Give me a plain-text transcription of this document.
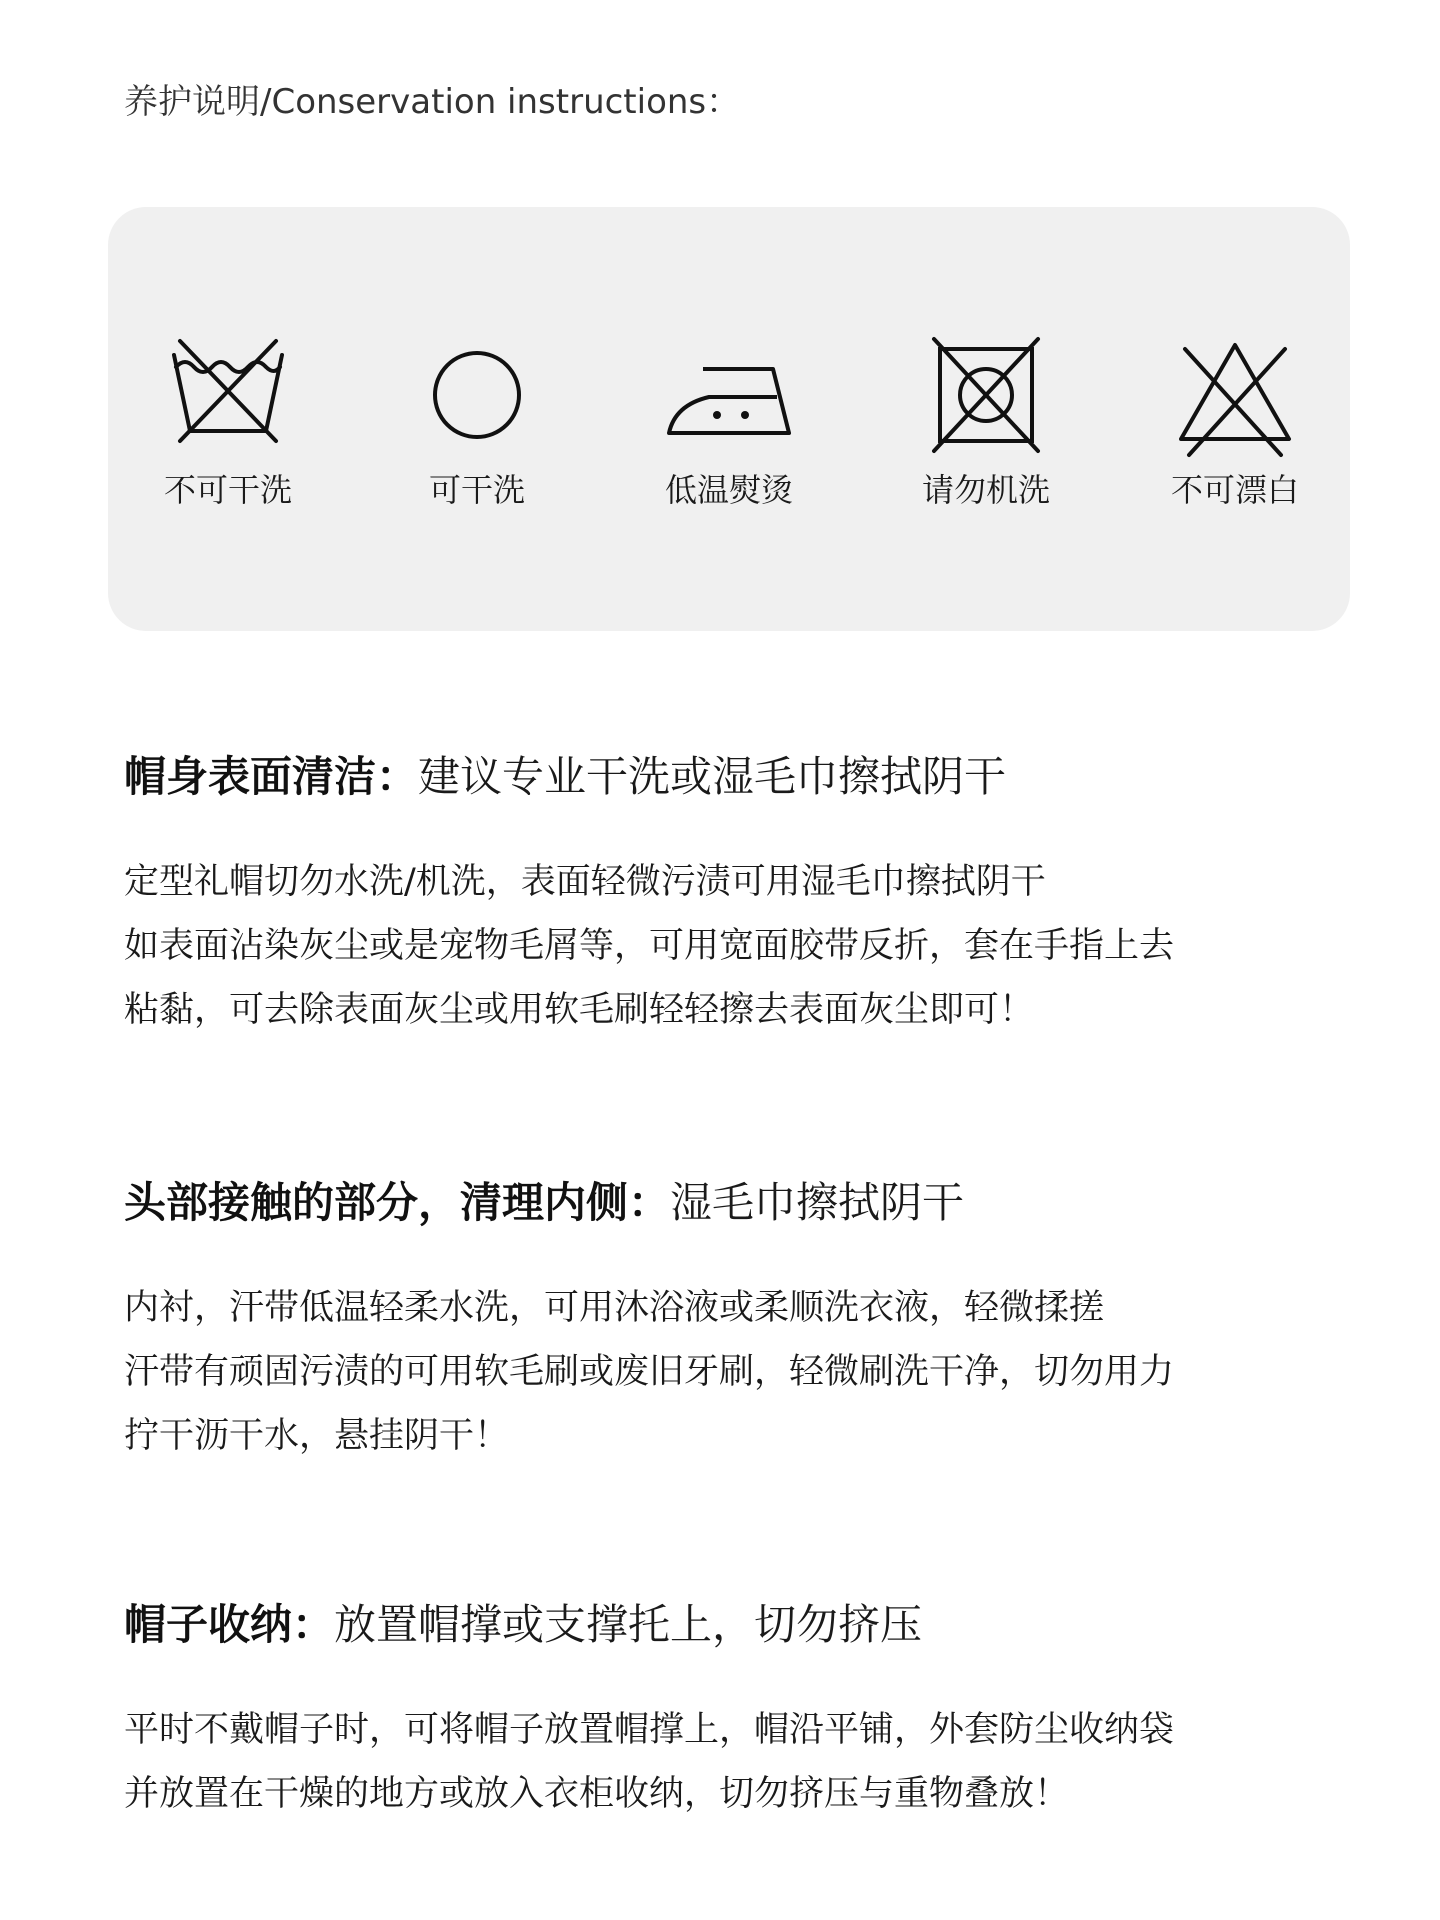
养护说明/Conservation instructions：
不可干洗	可干洗	低温熨烫	请勿机洗	不可漂白
帽身表面清洁：建议专业干洗或湿毛巾擦拭阴干
定型礼帽切勿水洗/机洗，表面轻微污渍可用湿毛巾擦拭阴干
如表面沾染灰尘或是宠物毛屑等，可用宽面胶带反折，套在手指上去
粘黏，可去除表面灰尘或用软毛刷轻轻擦去表面灰尘即可！
头部接触的部分，清理内侧：湿毛巾擦拭阴干
内衬，汗带低温轻柔水洗，可用沐浴液或柔顺洗衣液，轻微揉搓
汗带有顽固污渍的可用软毛刷或废旧牙刷，轻微刷洗干净，切勿用力
拧干沥干水，悬挂阴干！
帽子收纳：放置帽撑或支撑托上，切勿挤压
平时不戴帽子时，可将帽子放置帽撑上，帽沿平铺，外套防尘收纳袋
并放置在干燥的地方或放入衣柜收纳，切勿挤压与重物叠放！
